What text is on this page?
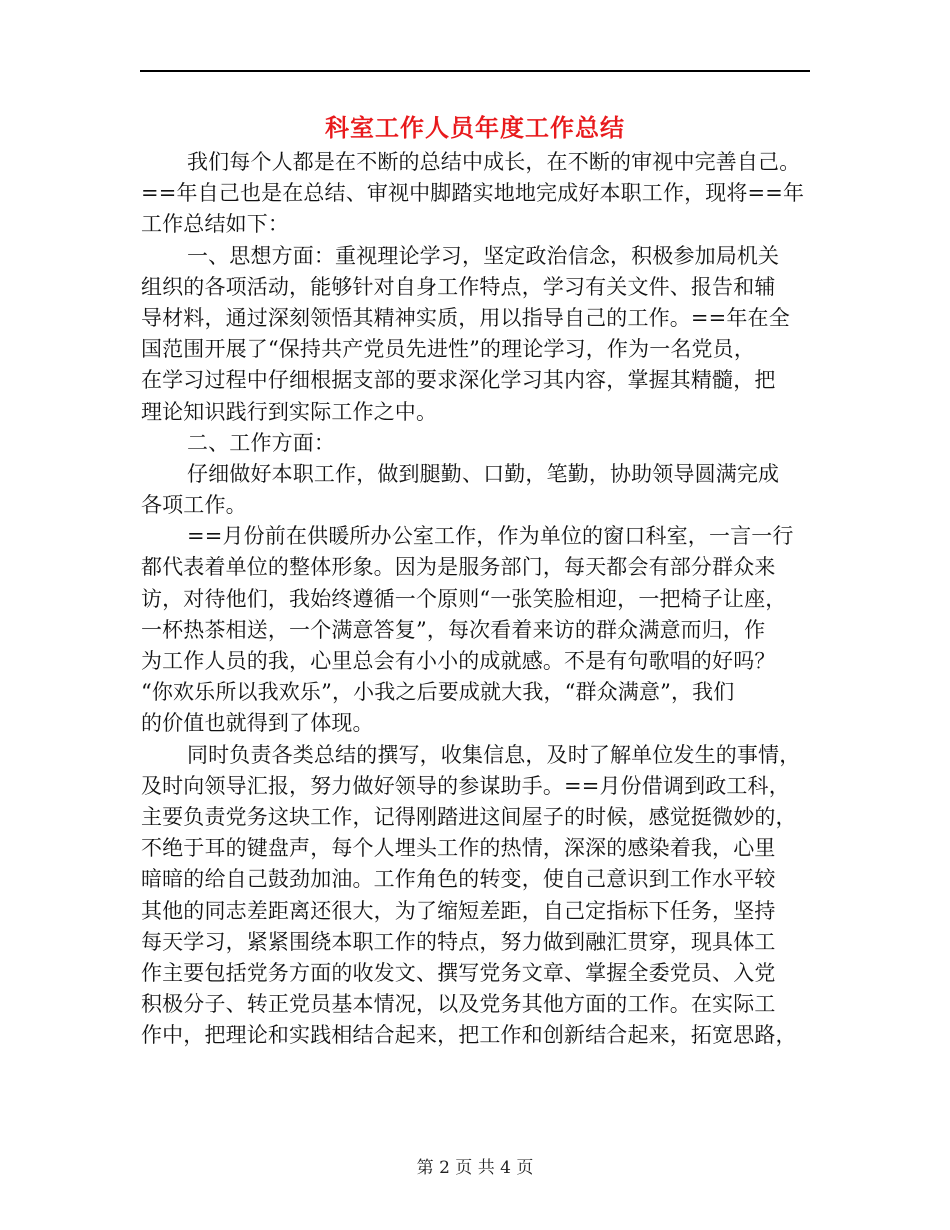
科室工作人员年度工作总结
我们每个人都是在不断的总结中成长，在不断的审视中完善自己。
==年自己也是在总结、审视中脚踏实地地完成好本职工作，现将==年
工作总结如下：
一、思想方面：重视理论学习，坚定政治信念，积极参加局机关
组织的各项活动，能够针对自身工作特点，学习有关文件、报告和辅
导材料，通过深刻领悟其精神实质，用以指导自己的工作。==年在全
国范围开展了“保持共产党员先进性”的理论学习，作为一名党员，
在学习过程中仔细根据支部的要求深化学习其内容，掌握其精髓，把
理论知识践行到实际工作之中。
二、工作方面：
仔细做好本职工作，做到腿勤、口勤，笔勤，协助领导圆满完成
各项工作。
==月份前在供暖所办公室工作，作为单位的窗口科室，一言一行
都代表着单位的整体形象。因为是服务部门，每天都会有部分群众来
访，对待他们，我始终遵循一个原则“一张笑脸相迎，一把椅子让座，
一杯热茶相送，一个满意答复”，每次看着来访的群众满意而归，作
为工作人员的我，心里总会有小小的成就感。不是有句歌唱的好吗？
“你欢乐所以我欢乐”，小我之后要成就大我，“群众满意”，我们
的价值也就得到了体现。
同时负责各类总结的撰写，收集信息，及时了解单位发生的事情，
及时向领导汇报，努力做好领导的参谋助手。==月份借调到政工科，
主要负责党务这块工作，记得刚踏进这间屋子的时候，感觉挺微妙的，
不绝于耳的键盘声，每个人埋头工作的热情，深深的感染着我，心里
暗暗的给自己鼓劲加油。工作角色的转变，使自己意识到工作水平较
其他的同志差距离还很大，为了缩短差距，自己定指标下任务，坚持
每天学习，紧紧围绕本职工作的特点，努力做到融汇贯穿，现具体工
作主要包括党务方面的收发文、撰写党务文章、掌握全委党员、入党
积极分子、转正党员基本情况，以及党务其他方面的工作。在实际工
作中，把理论和实践相结合起来，把工作和创新结合起来，拓宽思路，
第 2 页 共 4 页
